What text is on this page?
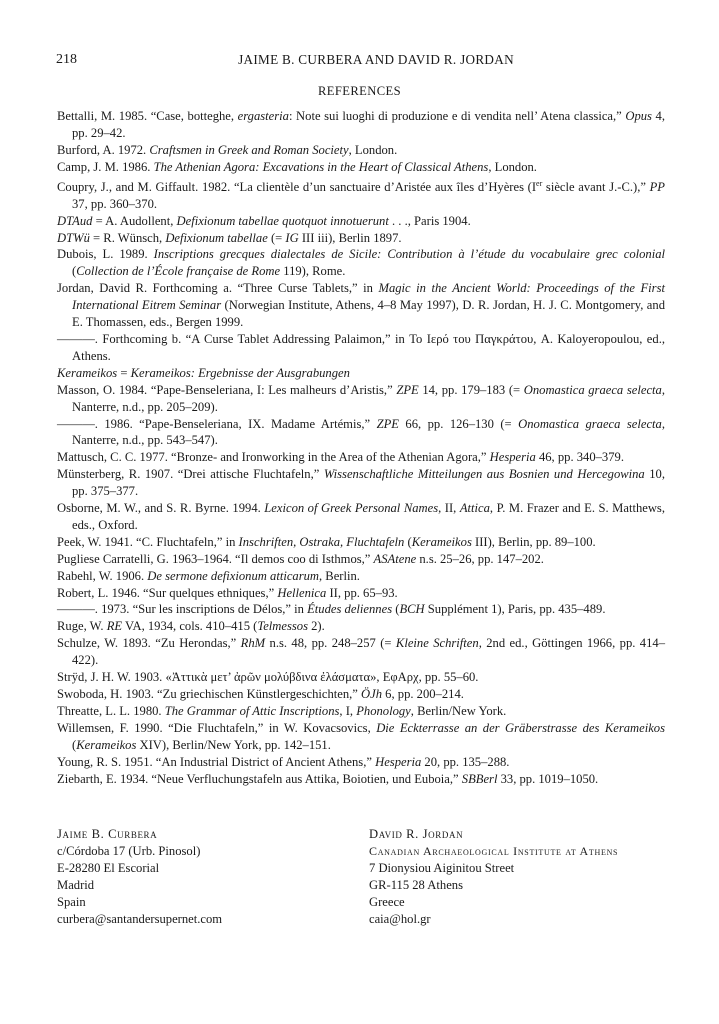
218	JAIME B. CURBERA AND DAVID R. JORDAN
REFERENCES

Bettalli, M. 1985. “Case, botteghe, ergasteria: Note sui luoghi di produzione e di vendita nell’ Atena classica,” Opus 4, pp. 29–42.

Burford, A. 1972. Craftsmen in Greek and Roman Society, London.

Camp, J. M. 1986. The Athenian Agora: Excavations in the Heart of Classical Athens, London.

Coupry, J., and M. Giffault. 1982. “La clientèle d’un sanctuaire d’Aristée aux îles d’Hyères (Ier siècle avant J.-C.),” PP 37, pp. 360–370.

DTAud = A. Audollent, Defixionum tabellae quotquot innotuerunt . . ., Paris 1904.

DTWü = R. Wünsch, Defixionum tabellae (= IG III iii), Berlin 1897.

Dubois, L. 1989. Inscriptions grecques dialectales de Sicile: Contribution à l’étude du vocabulaire grec colonial (Collection de l’École française de Rome 119), Rome.

Jordan, David R. Forthcoming a. “Three Curse Tablets,” in Magic in the Ancient World: Proceedings of the First International Eitrem Seminar (Norwegian Institute, Athens, 4–8 May 1997), D. R. Jordan, H. J. C. Montgomery, and E. Thomassen, eds., Bergen 1999.

———. Forthcoming b. “A Curse Tablet Addressing Palaimon,” in Το Ιερό του Παγκράτου, A. Kaloyeropoulou, ed., Athens.

Kerameikos = Kerameikos: Ergebnisse der Ausgrabungen

Masson, O. 1984. “Pape-Benseleriana, I: Les malheurs d’Aristis,” ZPE 14, pp. 179–183 (= Onomastica graeca selecta, Nanterre, n.d., pp. 205–209).

———. 1986. “Pape-Benseleriana, IX. Madame Artémis,” ZPE 66, pp. 126–130 (= Onomastica graeca selecta, Nanterre, n.d., pp. 543–547).

Mattusch, C. C. 1977. “Bronze- and Ironworking in the Area of the Athenian Agora,” Hesperia 46, pp. 340–379.

Münsterberg, R. 1907. “Drei attische Fluchtafeln,” Wissenschaftliche Mitteilungen aus Bosnien und Hercegowina 10, pp. 375–377.

Osborne, M. W., and S. R. Byrne. 1994. Lexicon of Greek Personal Names, II, Attica, P. M. Frazer and E. S. Matthews, eds., Oxford.

Peek, W. 1941. “C. Fluchtafeln,” in Inschriften, Ostraka, Fluchtafeln (Kerameikos III), Berlin, pp. 89–100.

Pugliese Carratelli, G. 1963–1964. “Il demos coo di Isthmos,” ASAtene n.s. 25–26, pp. 147–202.

Rabehl, W. 1906. De sermone defixionum atticarum, Berlin.

Robert, L. 1946. “Sur quelques ethniques,” Hellenica II, pp. 65–93.

———. 1973. “Sur les inscriptions de Délos,” in Études deliennes (BCH Supplément 1), Paris, pp. 435–489.

Ruge, W. RE VA, 1934, cols. 410–415 (Telmessos 2).

Schulze, W. 1893. “Zu Herondas,” RhM n.s. 48, pp. 248–257 (= Kleine Schriften, 2nd ed., Göttingen 1966, pp. 414–422).

Strÿd, J. H. W. 1903. «Ἀττικὰ μετ’ ἀρῶν μολύβδινα ἐλάσματα», ΕφΑρχ, pp. 55–60.

Swoboda, H. 1903. “Zu griechischen Künstlergeschichten,” ÖJh 6, pp. 200–214.

Threatte, L. L. 1980. The Grammar of Attic Inscriptions, I, Phonology, Berlin/New York.

Willemsen, F. 1990. “Die Fluchtafeln,” in W. Kovacsovics, Die Eckterrasse an der Gräberstrasse des Kerameikos (Kerameikos XIV), Berlin/New York, pp. 142–151.

Young, R. S. 1951. “An Industrial District of Ancient Athens,” Hesperia 20, pp. 135–288.

Ziebarth, E. 1934. “Neue Verfluchungstafeln aus Attika, Boiotien, und Euboia,” SBBerl 33, pp. 1019–1050.

Jaime B. Curbera
c/Córdoba 17 (Urb. Pinosol)
E-28280 El Escorial
Madrid
Spain
curbera@santandersupernet.com
David R. Jordan
Canadian Archaeological Institute at Athens
7 Dionysiou Aiginitou Street
GR-115 28 Athens
Greece
caia@hol.gr
